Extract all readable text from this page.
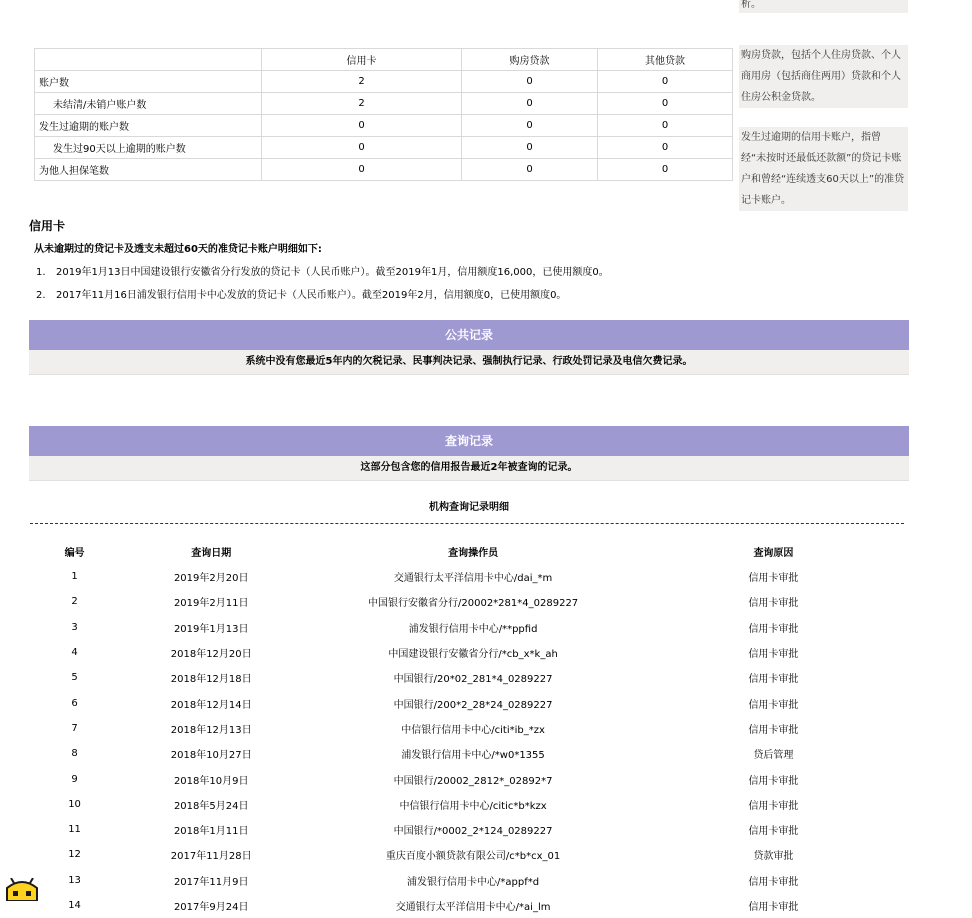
析。
购房贷款，包括个人住房贷款、个人商用房（包括商住两用）贷款和个人住房公积金贷款。
发生过逾期的信用卡账户，指曾经“未按时还最低还款额”的贷记卡账户和曾经“连续透支60天以上”的准贷记卡账户。
	信用卡	购房贷款	其他贷款
账户数	2	0	0
未结清/未销户账户数	2	0	0
发生过逾期的账户数	0	0	0
发生过90天以上逾期的账户数	0	0	0
为他人担保笔数	0	0	0
信用卡
从未逾期过的贷记卡及透支未超过60天的准贷记卡账户明细如下:
1. 2019年1月13日中国建设银行安徽省分行发放的贷记卡（人民币账户）。截至2019年1月，信用额度16,000，已使用额度0。
2. 2017年11月16日浦发银行信用卡中心发放的贷记卡（人民币账户）。截至2019年2月，信用额度0，已使用额度0。
公共记录
系统中没有您最近5年内的欠税记录、民事判决记录、强制执行记录、行政处罚记录及电信欠费记录。
查询记录
这部分包含您的信用报告最近2年被查询的记录。
机构查询记录明细
编号	查询日期	查询操作员	查询原因
1	2019年2月20日	交通银行太平洋信用卡中心/dai_*m	信用卡审批
2	2019年2月11日	中国银行安徽省分行/20002*281*4_0289227	信用卡审批
3	2019年1月13日	浦发银行信用卡中心/**ppfid	信用卡审批
4	2018年12月20日	中国建设银行安徽省分行/*cb_x*k_ah	信用卡审批
5	2018年12月18日	中国银行/20*02_281*4_0289227	信用卡审批
6	2018年12月14日	中国银行/200*2_28*24_0289227	信用卡审批
7	2018年12月13日	中信银行信用卡中心/citi*ib_*zx	信用卡审批
8	2018年10月27日	浦发银行信用卡中心/*w0*1355	贷后管理
9	2018年10月9日	中国银行/20002_2812*_02892*7	信用卡审批
10	2018年5月24日	中信银行信用卡中心/citic*b*kzx	信用卡审批
11	2018年1月11日	中国银行/*0002_2*124_0289227	信用卡审批
12	2017年11月28日	重庆百度小额贷款有限公司/c*b*cx_01	贷款审批
13	2017年11月9日	浦发银行信用卡中心/*appf*d	信用卡审批
14	2017年9月24日	交通银行太平洋信用卡中心/*ai_lm	信用卡审批
